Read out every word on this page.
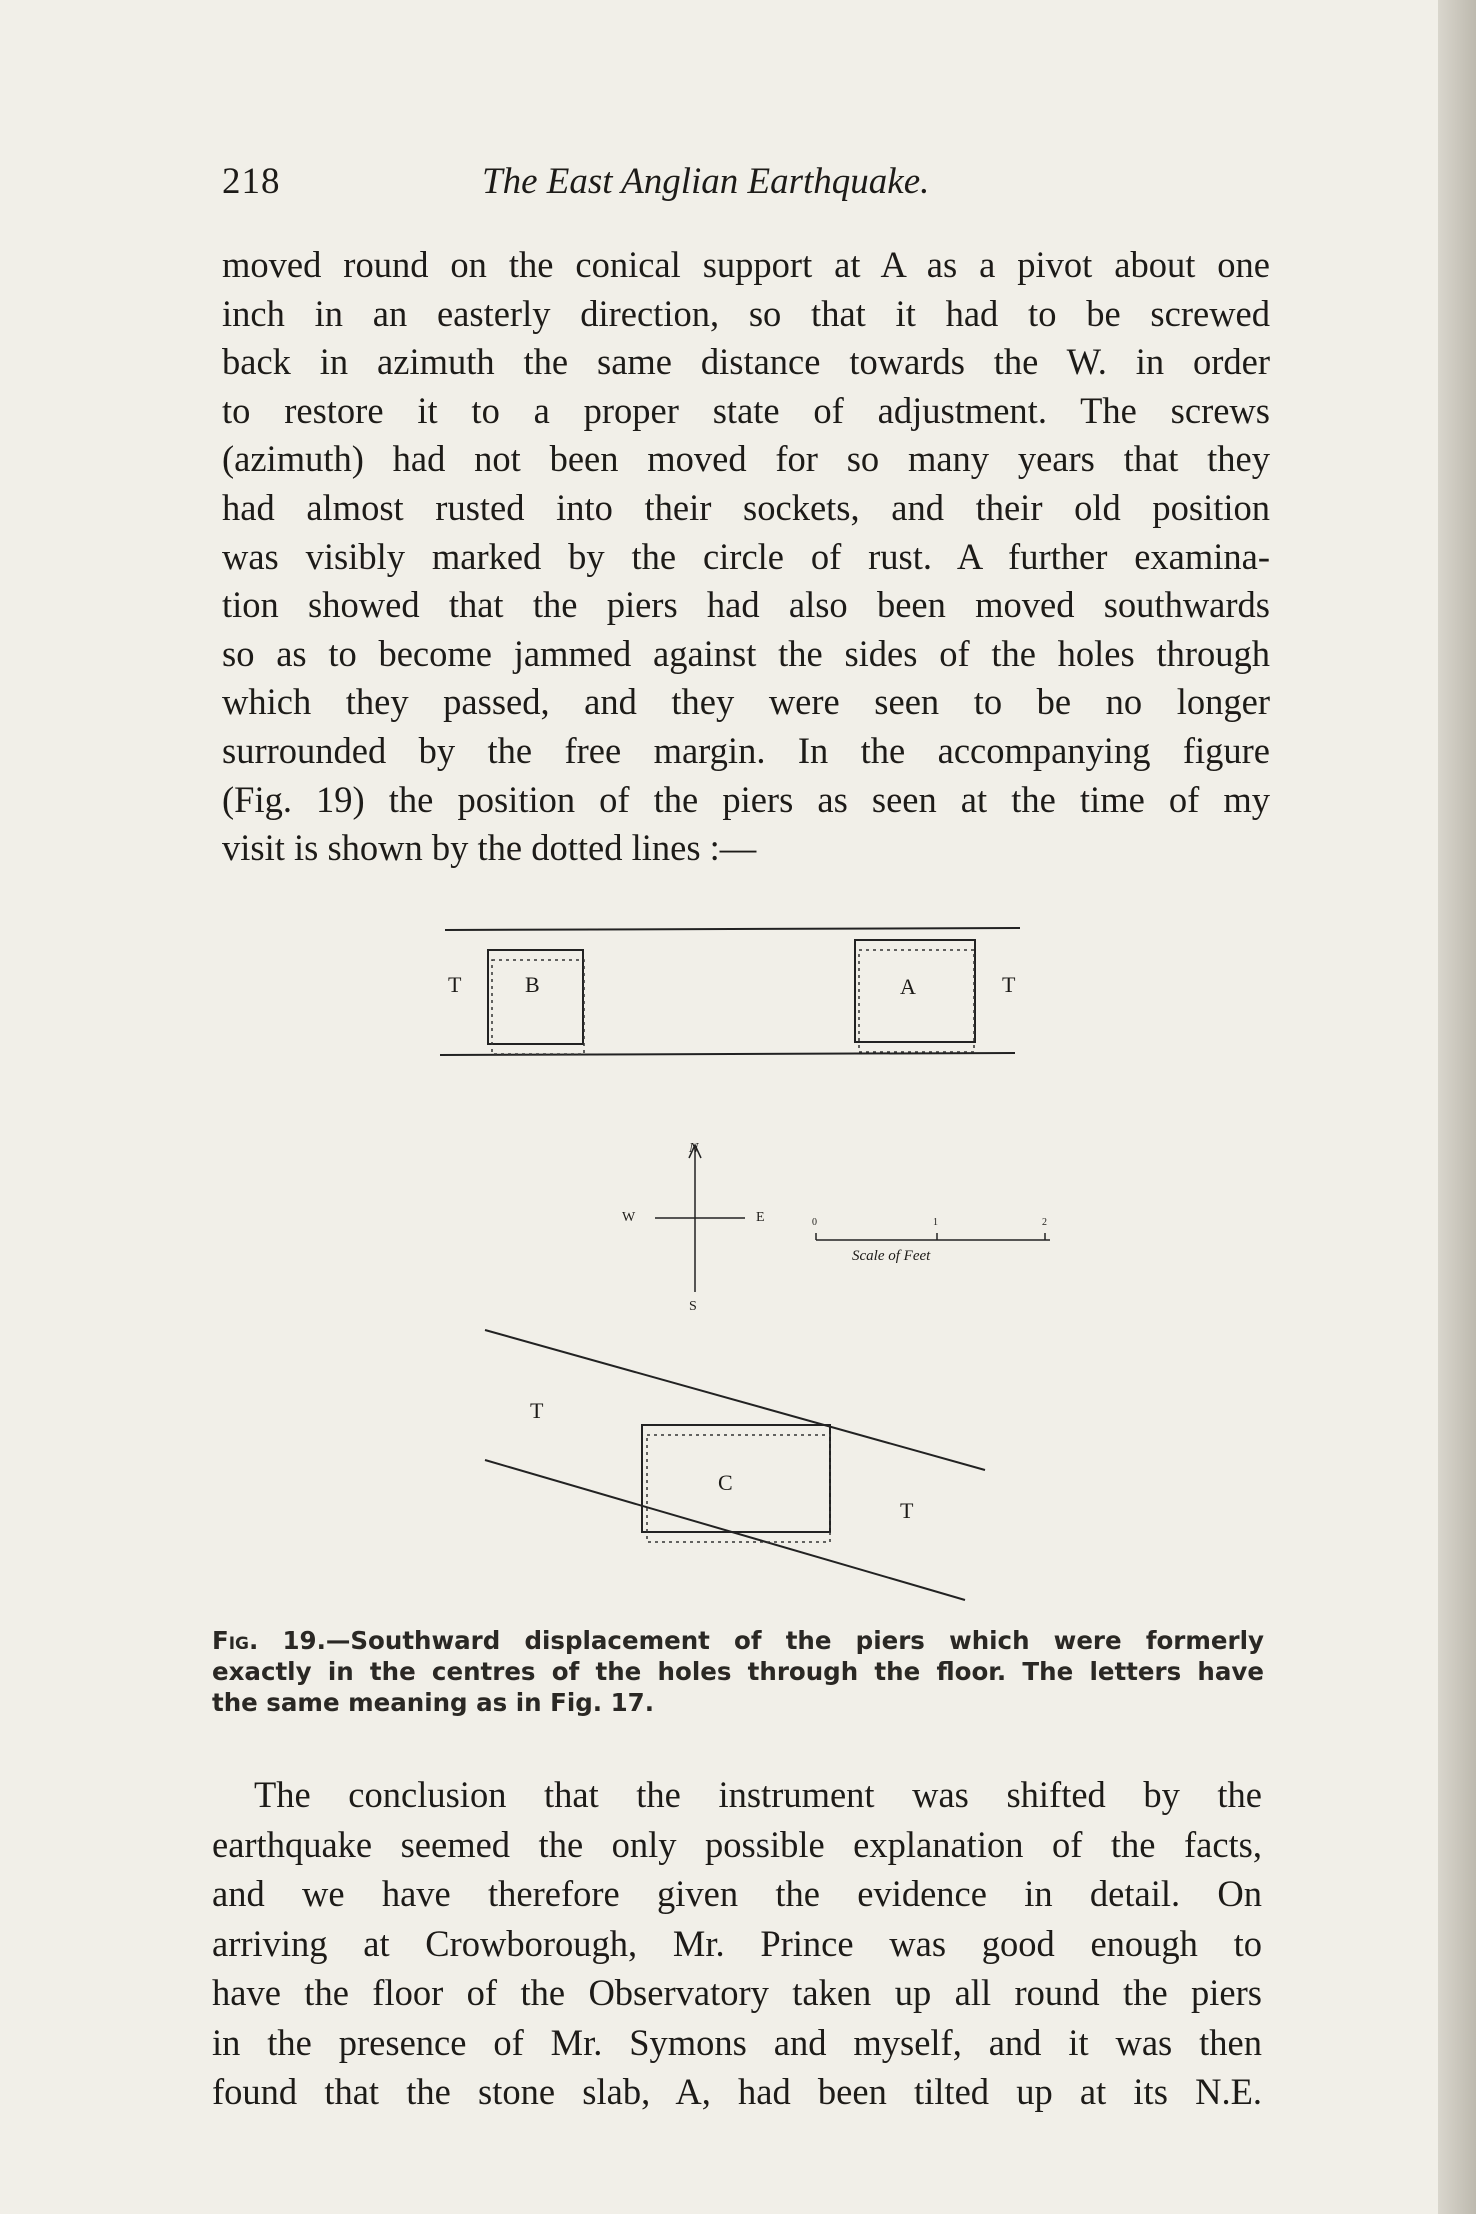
218	The East Anglian Earthquake.
moved round on the conical support at A as a pivot about one
inch in an easterly direction, so that it had to be screwed
back in azimuth the same distance towards the W. in order
to restore it to a proper state of adjustment. The screws
(azimuth) had not been moved for so many years that they
had almost rusted into their sockets, and their old position
was visibly marked by the circle of rust. A further examina-
tion showed that the piers had also been moved southwards
so as to become jammed against the sides of the holes through
which they passed, and they were seen to be no longer
surrounded by the free margin. In the accompanying figure
(Fig. 19) the position of the piers as seen at the time of my
visit is shown by the dotted lines :—
T	B	A	T
N
W	E
S
0	1	2
Scale of Feet
T
C
T
Fig. 19.—Southward displacement of the piers which were formerly
exactly in the centres of the holes through the floor. The letters have
the same meaning as in Fig. 17.
The conclusion that the instrument was shifted by the
earthquake seemed the only possible explanation of the facts,
and we have therefore given the evidence in detail. On
arriving at Crowborough, Mr. Prince was good enough to
have the floor of the Observatory taken up all round the piers
in the presence of Mr. Symons and myself, and it was then
found that the stone slab, A, had been tilted up at its N.E.
